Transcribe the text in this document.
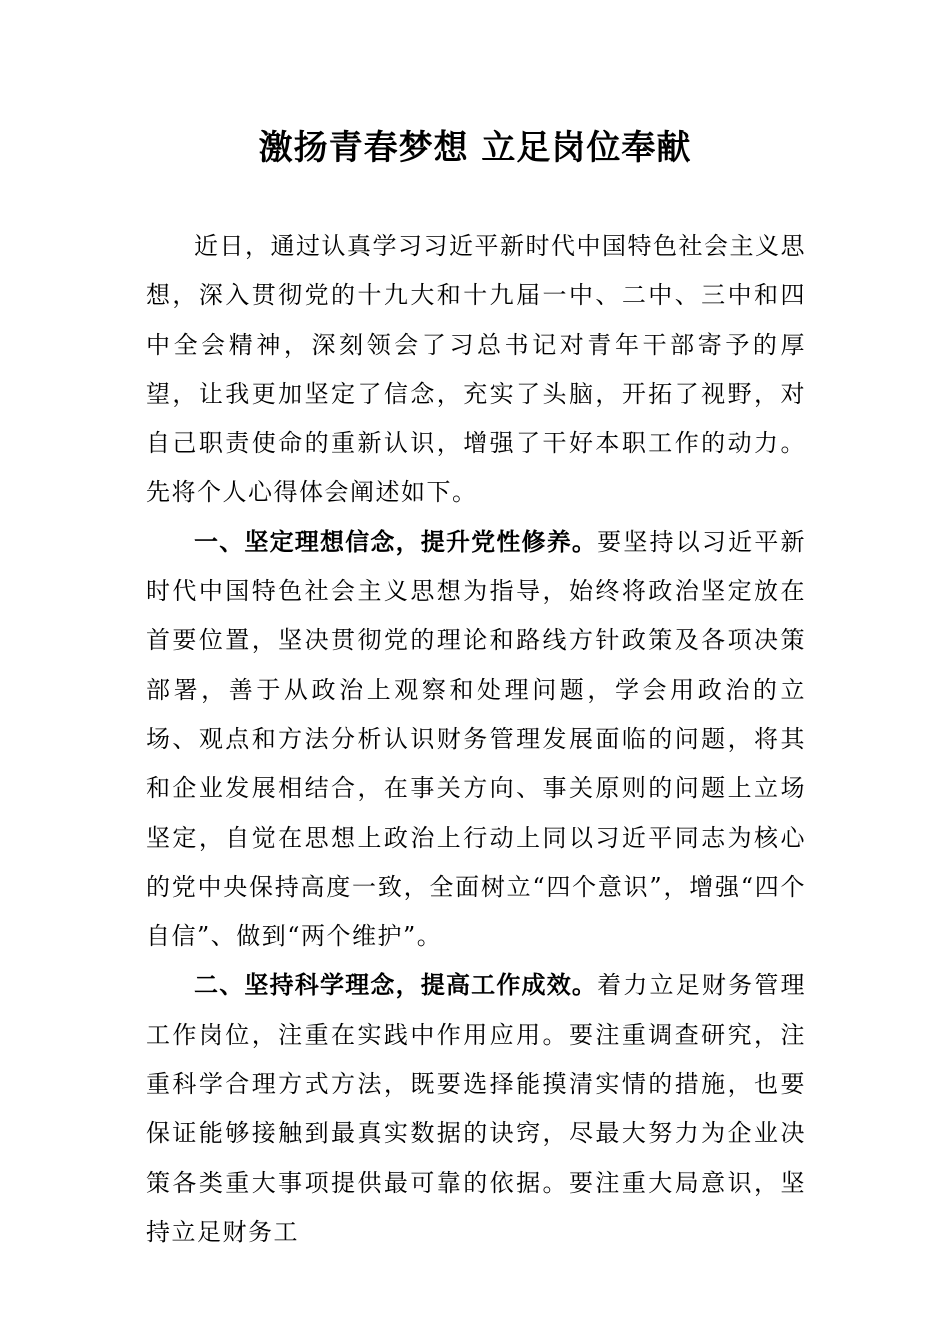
激扬青春梦想 立足岗位奉献

近日，通过认真学习习近平新时代中国特色社会主义思想，深入贯彻党的十九大和十九届一中、二中、三中和四中全会精神，深刻领会了习总书记对青年干部寄予的厚望，让我更加坚定了信念，充实了头脑，开拓了视野，对自己职责使命的重新认识，增强了干好本职工作的动力。先将个人心得体会阐述如下。

一、坚定理想信念，提升党性修养。要坚持以习近平新时代中国特色社会主义思想为指导，始终将政治坚定放在首要位置，坚决贯彻党的理论和路线方针政策及各项决策部署，善于从政治上观察和处理问题，学会用政治的立场、观点和方法分析认识财务管理发展面临的问题，将其和企业发展相结合，在事关方向、事关原则的问题上立场坚定，自觉在思想上政治上行动上同以习近平同志为核心的党中央保持高度一致，全面树立“四个意识”，增强“四个自信”、做到“两个维护”。

二、坚持科学理念，提高工作成效。着力立足财务管理工作岗位，注重在实践中作用应用。要注重调查研究，注重科学合理方式方法，既要选择能摸清实情的措施，也要保证能够接触到最真实数据的诀窍，尽最大努力为企业决策各类重大事项提供最可靠的依据。要注重大局意识，坚持立足财务工
